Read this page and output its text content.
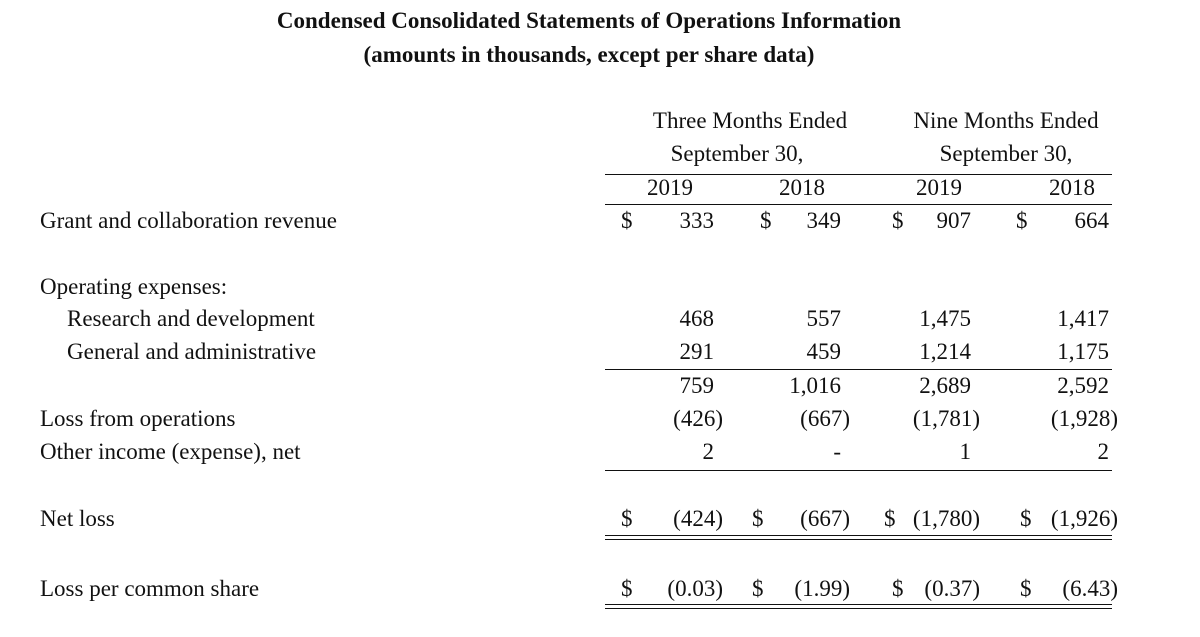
Condensed Consolidated Statements of Operations Information
(amounts in thousands, except per share data)
Three Months Ended
September 30,
Nine Months Ended
September 30,
2019	2018	2019	2018
Grant and collaboration revenue	$ 333 $ 349 $ 907 $ 664
Operating expenses:
Research and development	468	557	1,475	1,417
General and administrative	291	459	1,214	1,175
759	1,016	2,689	2,592
Loss from operations	(426)	(667)	(1,781)	(1,928)
Other income (expense), net	2	-	1	2
Net loss	$ (424) $ (667) $ (1,780) $ (1,926)
Loss per common share	$ (0.03) $ (1.99) $ (0.37) $ (6.43)
